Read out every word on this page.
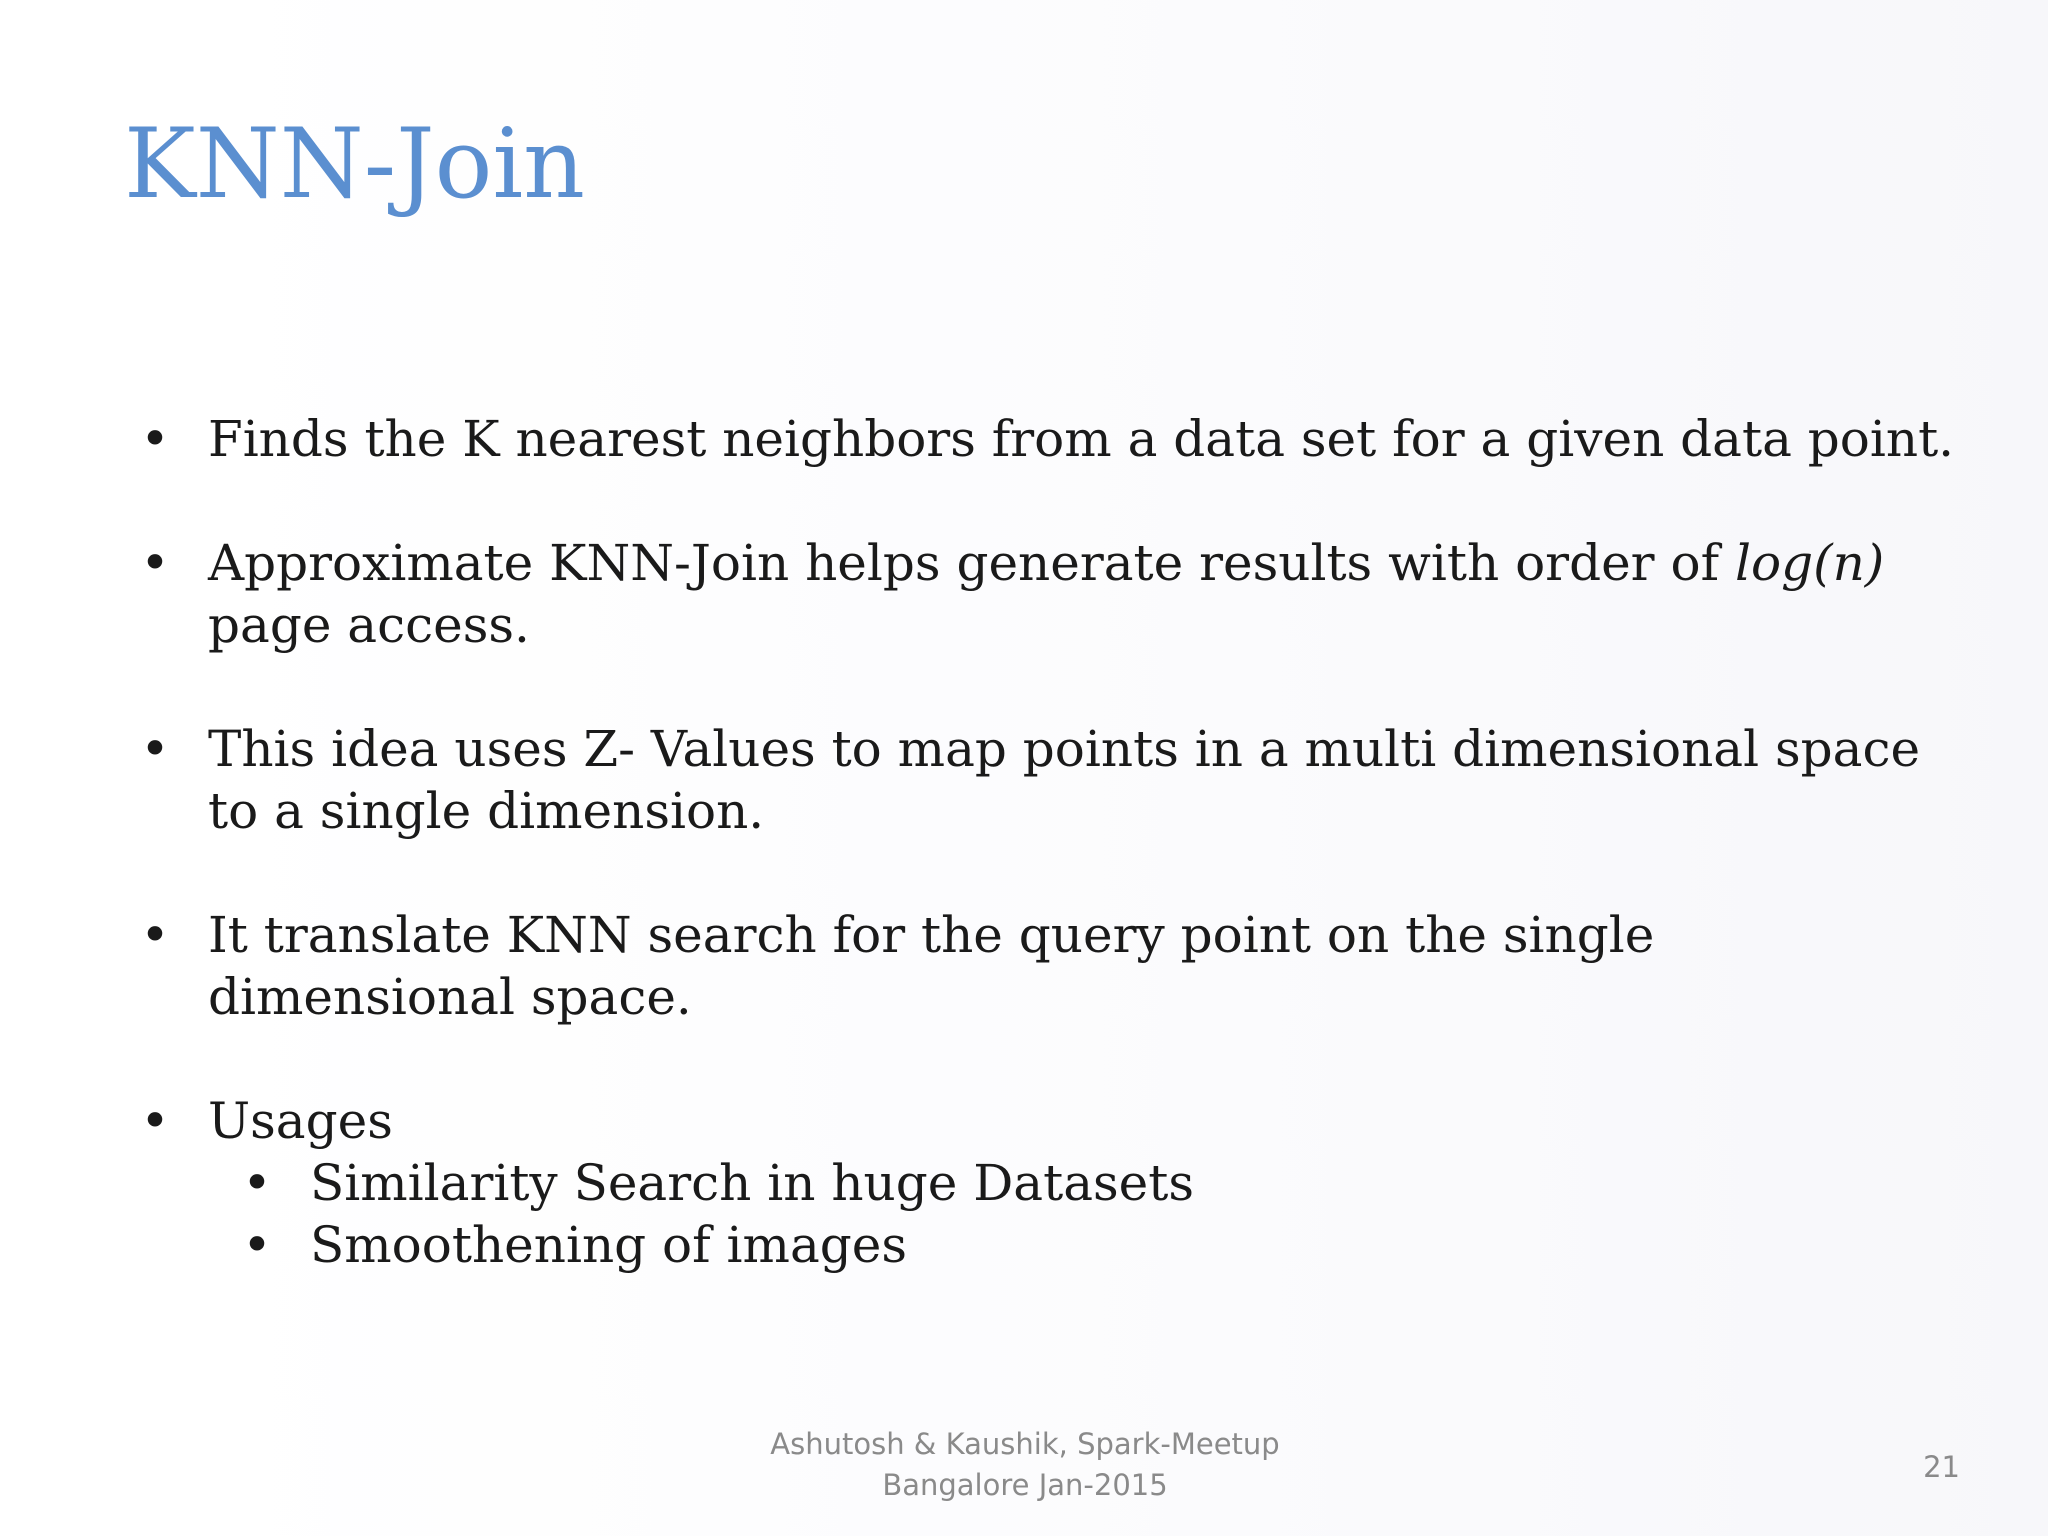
KNN-Join
• Finds the K nearest neighbors from a data set for a given data point.
• Approximate KNN-Join helps generate results with order of log(n) page access.
• This idea uses Z- Values to map points in a multi dimensional space to a single dimension.
• It translate KNN search for the query point on the single dimensional space.
• Usages
• Similarity Search in huge Datasets
• Smoothening of images
Ashutosh & Kaushik, Spark-Meetup
Bangalore Jan-2015
21
